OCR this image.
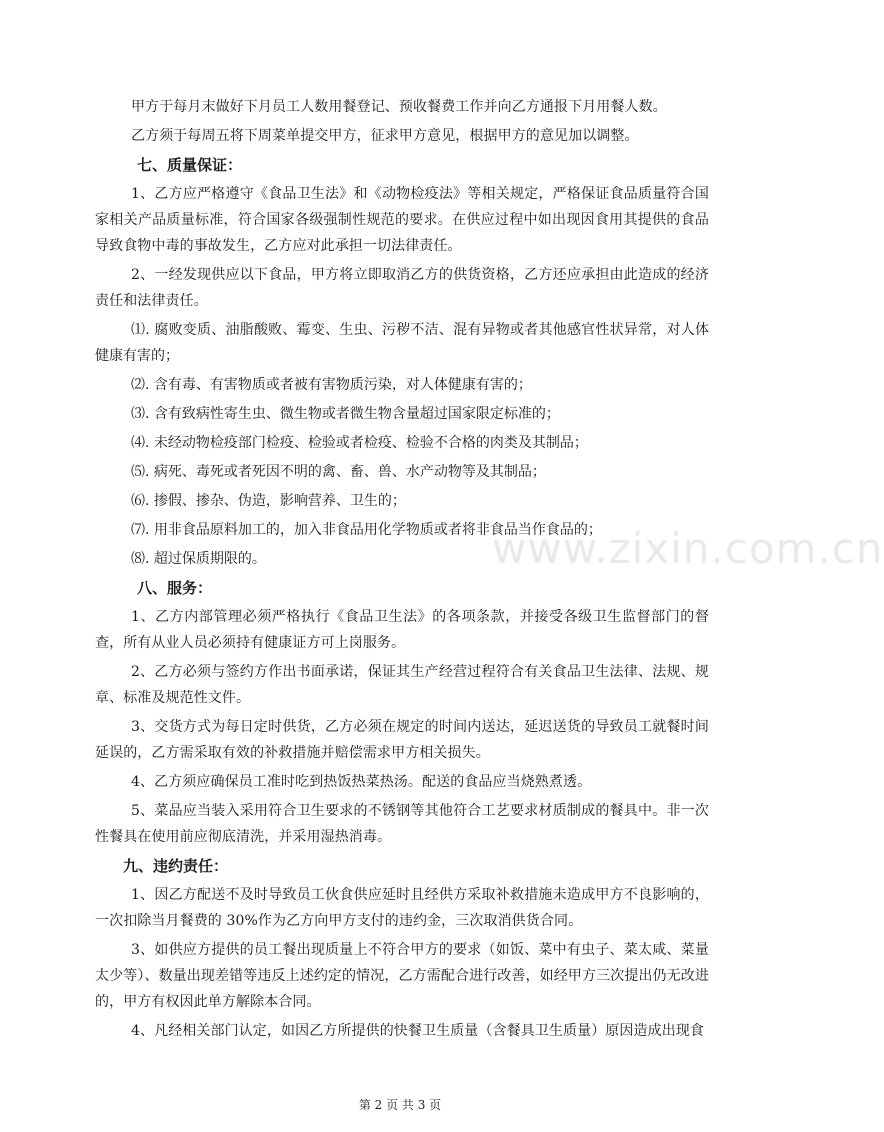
甲方于每月末做好下月员工人数用餐登记、预收餐费工作并向乙方通报下月用餐人数。

乙方须于每周五将下周菜单提交甲方，征求甲方意见，根据甲方的意见加以调整。

七、质量保证：

1、乙方应严格遵守《食品卫生法》和《动物检疫法》等相关规定，严格保证食品质量符合国家相关产品质量标准，符合国家各级强制性规范的要求。在供应过程中如出现因食用其提供的食品导致食物中毒的事故发生，乙方应对此承担一切法律责任。

2、一经发现供应以下食品，甲方将立即取消乙方的供货资格，乙方还应承担由此造成的经济责任和法律责任。

⑴. 腐败变质、油脂酸败、霉变、生虫、污秽不洁、混有异物或者其他感官性状异常，对人体健康有害的；

⑵. 含有毒、有害物质或者被有害物质污染，对人体健康有害的；

⑶. 含有致病性寄生虫、微生物或者微生物含量超过国家限定标准的；

⑷. 未经动物检疫部门检疫、检验或者检疫、检验不合格的肉类及其制品；

⑸. 病死、毒死或者死因不明的禽、畜、兽、水产动物等及其制品；

⑹. 掺假、掺杂、伪造，影响营养、卫生的；

⑺. 用非食品原料加工的，加入非食品用化学物质或者将非食品当作食品的；

⑻. 超过保质期限的。

八、服务：

1、乙方内部管理必须严格执行《食品卫生法》的各项条款，并接受各级卫生监督部门的督查，所有从业人员必须持有健康证方可上岗服务。

2、乙方必须与签约方作出书面承诺，保证其生产经营过程符合有关食品卫生法律、法规、规章、标准及规范性文件。

3、交货方式为每日定时供货，乙方必须在规定的时间内送达，延迟送货的导致员工就餐时间延误的，乙方需采取有效的补救措施并赔偿需求甲方相关损失。

4、乙方须应确保员工准时吃到热饭热菜热汤。配送的食品应当烧熟煮透。

5、菜品应当装入采用符合卫生要求的不锈钢等其他符合工艺要求材质制成的餐具中。非一次性餐具在使用前应彻底清洗，并采用湿热消毒。

九、违约责任：

1、因乙方配送不及时导致员工伙食供应延时且经供方采取补救措施未造成甲方不良影响的，一次扣除当月餐费的 30%作为乙方向甲方支付的违约金，三次取消供货合同。

3、如供应方提供的员工餐出现质量上不符合甲方的要求（如饭、菜中有虫子、菜太咸、菜量太少等）、数量出现差错等违反上述约定的情况，乙方需配合进行改善，如经甲方三次提出仍无改进的，甲方有权因此单方解除本合同。

4、凡经相关部门认定，如因乙方所提供的快餐卫生质量（含餐具卫生质量）原因造成出现食

www.zixin.com.cn
第 2 页 共 3 页
